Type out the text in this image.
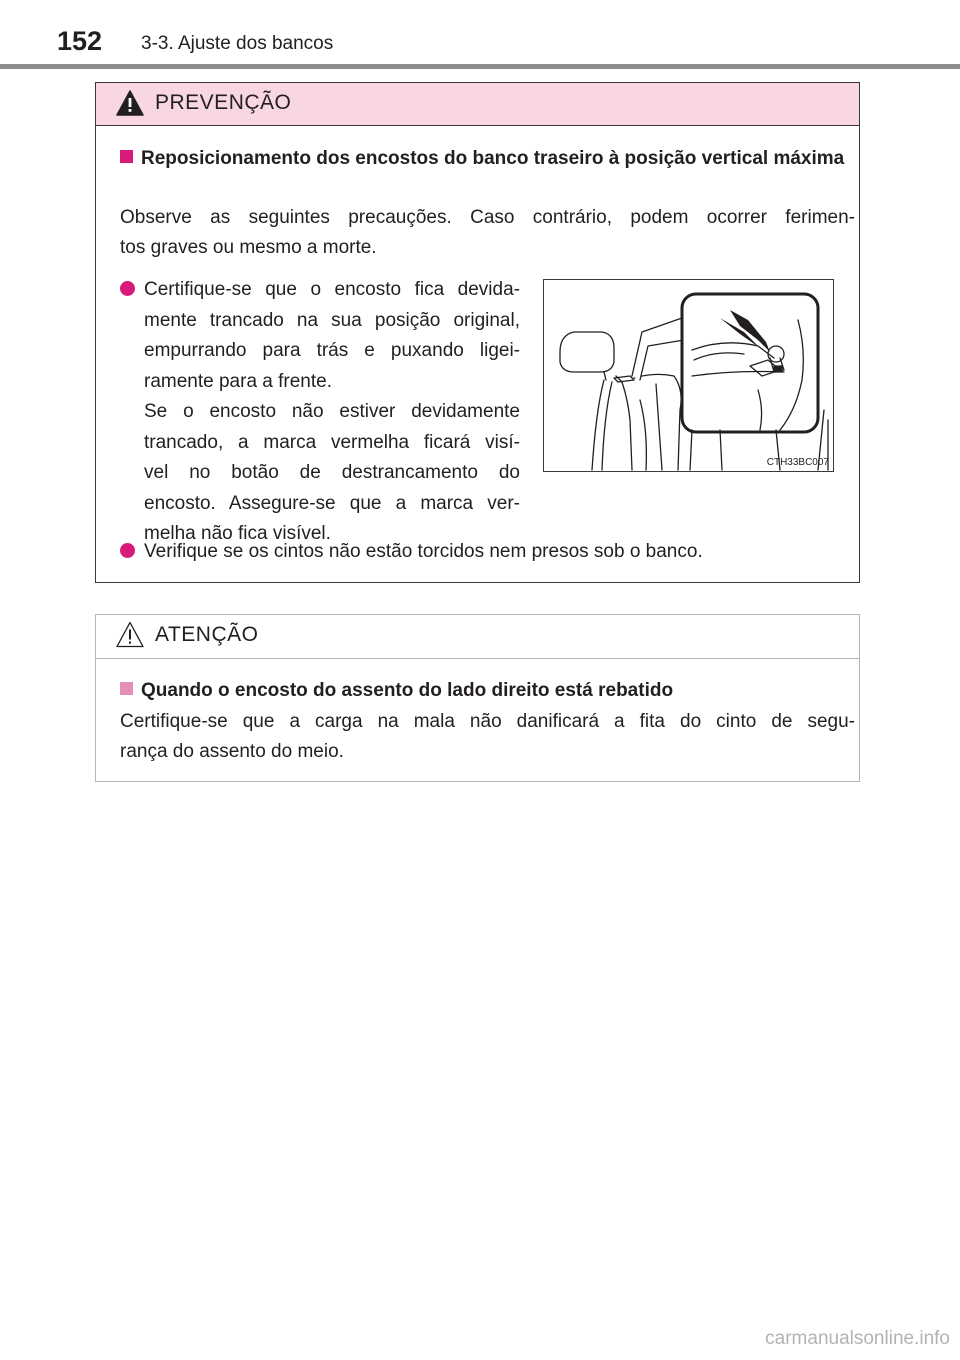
152 3-3. Ajuste dos bancos
PREVENÇÃO
Reposicionamento dos encostos do banco traseiro à posição vertical máxima
Observe as seguintes precauções. Caso contrário, podem ocorrer ferimen-
tos graves ou mesmo a morte.
Certifique-se que o encosto fica devida-
mente trancado na sua posição original,
empurrando para trás e puxando ligei-
ramente para a frente.
Se o encosto não estiver devidamente
trancado, a marca vermelha ficará visí-
vel no botão de destrancamento do
encosto. Assegure-se que a marca ver-
melha não fica visível.
CTH33BC007
Verifique se os cintos não estão torcidos nem presos sob o banco.
ATENÇÃO
Quando o encosto do assento do lado direito está rebatido
Certifique-se que a carga na mala não danificará a fita do cinto de segu-
rança do assento do meio.
carmanualsonline.info
